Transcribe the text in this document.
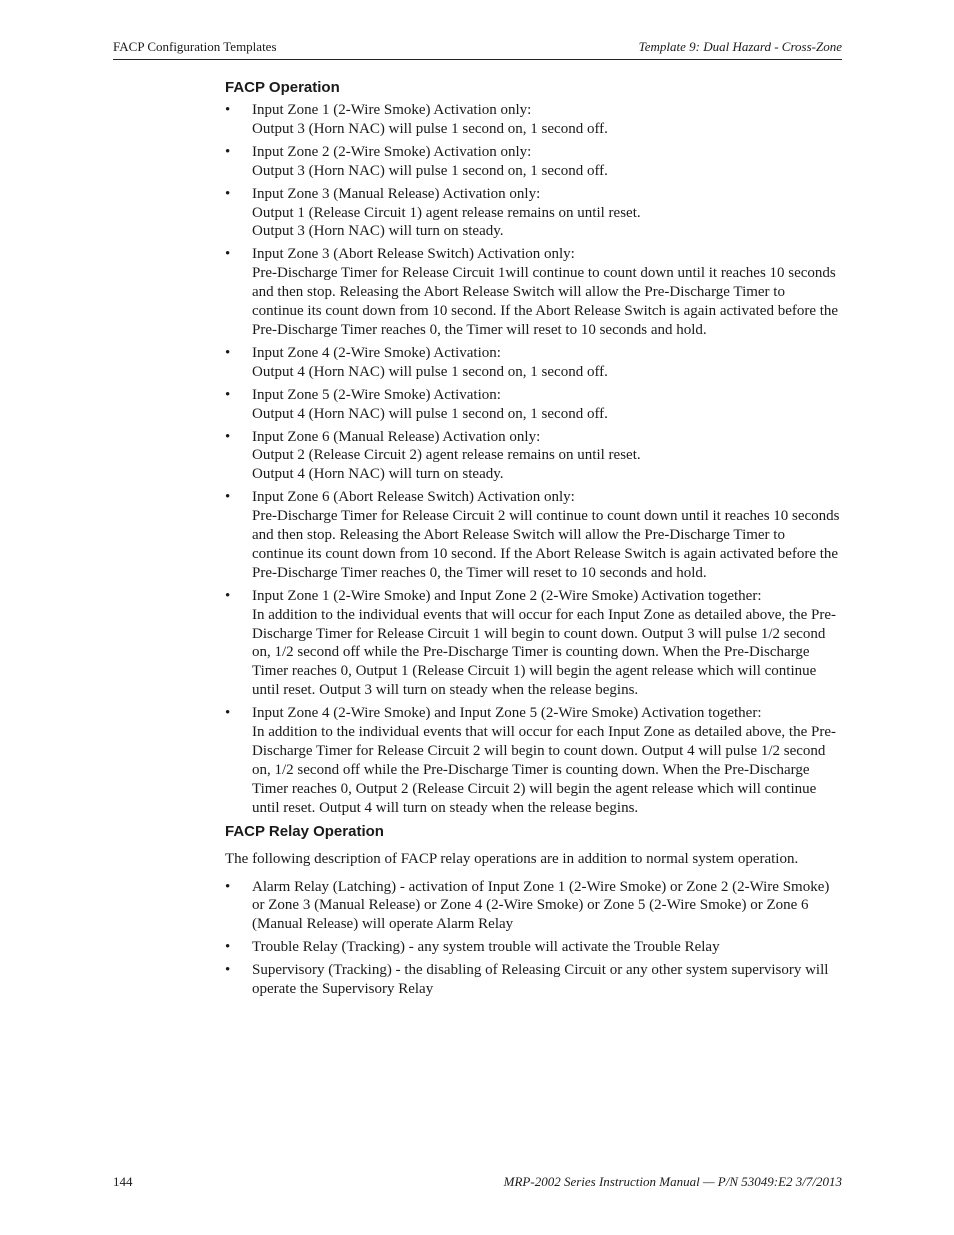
FACP Configuration Templates	Template 9: Dual Hazard - Cross-Zone
FACP Operation
• Input Zone 1 (2-Wire Smoke) Activation only:
Output 3 (Horn NAC) will pulse 1 second on, 1 second off.
• Input Zone 2 (2-Wire Smoke) Activation only:
Output 3 (Horn NAC) will pulse 1 second on, 1 second off.
• Input Zone 3 (Manual Release) Activation only:
Output 1 (Release Circuit 1) agent release remains on until reset.
Output 3 (Horn NAC) will turn on steady.
• Input Zone 3 (Abort Release Switch) Activation only:
Pre-Discharge Timer for Release Circuit 1will continue to count down until it reaches 10 seconds and then stop. Releasing the Abort Release Switch will allow the Pre-Discharge Timer to continue its count down from 10 second. If the Abort Release Switch is again activated before the Pre-Discharge Timer reaches 0, the Timer will reset to 10 seconds and hold.
• Input Zone 4 (2-Wire Smoke) Activation:
Output 4 (Horn NAC) will pulse 1 second on, 1 second off.
• Input Zone 5 (2-Wire Smoke) Activation:
Output 4 (Horn NAC) will pulse 1 second on, 1 second off.
• Input Zone 6 (Manual Release) Activation only:
Output 2 (Release Circuit 2) agent release remains on until reset.
Output 4 (Horn NAC) will turn on steady.
• Input Zone 6 (Abort Release Switch) Activation only:
Pre-Discharge Timer for Release Circuit 2 will continue to count down until it reaches 10 seconds and then stop. Releasing the Abort Release Switch will allow the Pre-Discharge Timer to continue its count down from 10 second. If the Abort Release Switch is again activated before the Pre-Discharge Timer reaches 0, the Timer will reset to 10 seconds and hold.
• Input Zone 1 (2-Wire Smoke) and Input Zone 2 (2-Wire Smoke) Activation together:
In addition to the individual events that will occur for each Input Zone as detailed above, the Pre-Discharge Timer for Release Circuit 1 will begin to count down. Output 3 will pulse 1/2 second on, 1/2 second off while the Pre-Discharge Timer is counting down. When the Pre-Discharge Timer reaches 0, Output 1 (Release Circuit 1) will begin the agent release which will continue until reset. Output 3 will turn on steady when the release begins.
• Input Zone 4 (2-Wire Smoke) and Input Zone 5 (2-Wire Smoke) Activation together:
In addition to the individual events that will occur for each Input Zone as detailed above, the Pre-Discharge Timer for Release Circuit 2 will begin to count down. Output 4 will pulse 1/2 second on, 1/2 second off while the Pre-Discharge Timer is counting down. When the Pre-Discharge Timer reaches 0, Output 2 (Release Circuit 2) will begin the agent release which will continue until reset. Output 4 will turn on steady when the release begins.
FACP Relay Operation

The following description of FACP relay operations are in addition to normal system operation.

• Alarm Relay (Latching) - activation of Input Zone 1 (2-Wire Smoke) or Zone 2 (2-Wire Smoke) or Zone 3 (Manual Release) or Zone 4 (2-Wire Smoke) or Zone 5 (2-Wire Smoke) or Zone 6 (Manual Release) will operate Alarm Relay
• Trouble Relay (Tracking) - any system trouble will activate the Trouble Relay
• Supervisory (Tracking) - the disabling of Releasing Circuit or any other system supervisory will operate the Supervisory Relay
144	MRP-2002 Series Instruction Manual — P/N 53049:E2 3/7/2013
